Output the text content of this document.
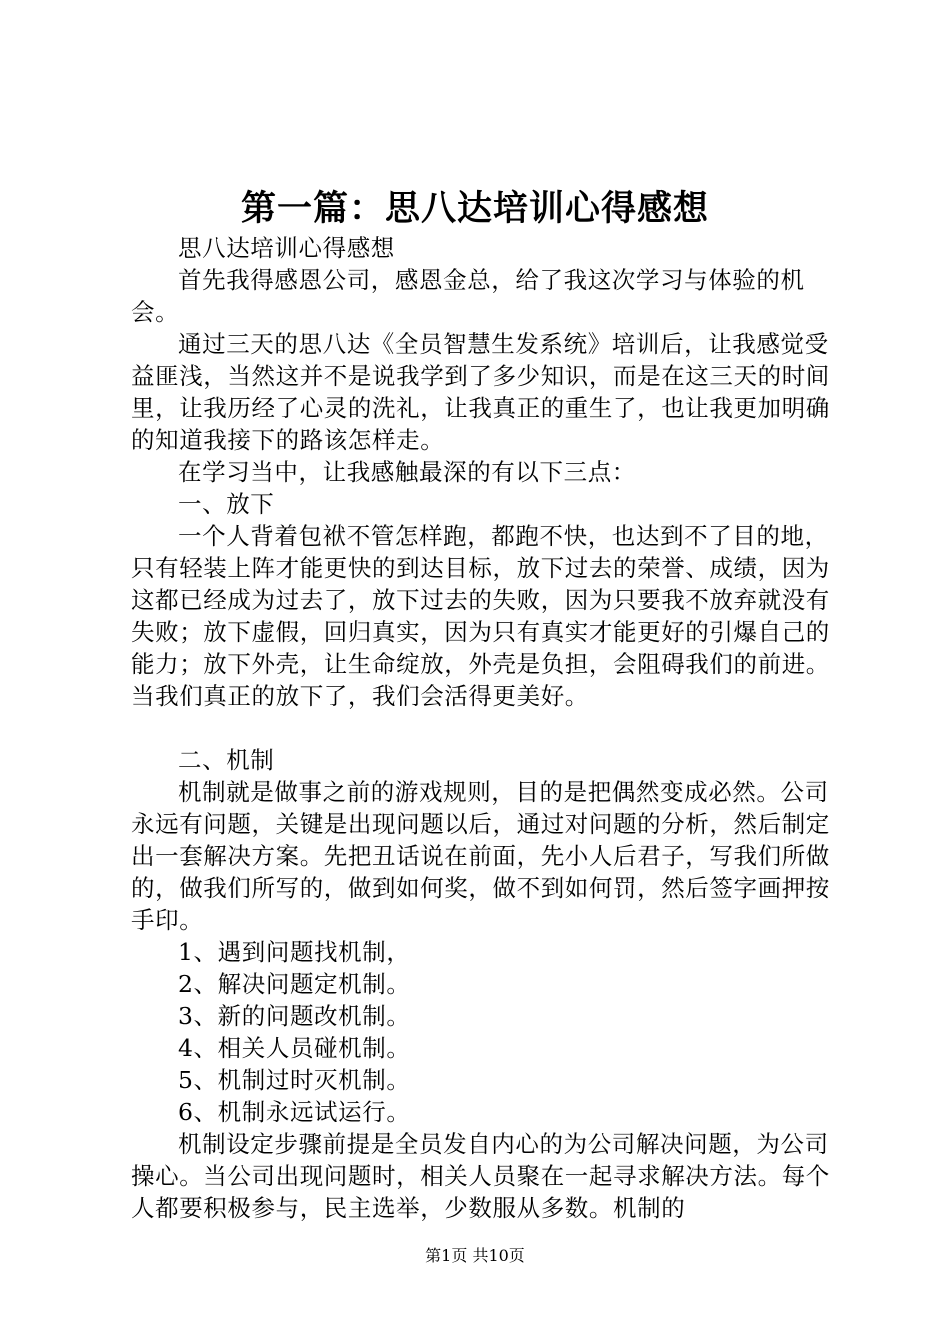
第一篇：思八达培训心得感想

思八达培训心得感想

首先我得感恩公司，感恩金总，给了我这次学习与体验的机会。

通过三天的思八达《全员智慧生发系统》培训后，让我感觉受益匪浅，当然这并不是说我学到了多少知识，而是在这三天的时间里，让我历经了心灵的洗礼，让我真正的重生了，也让我更加明确的知道我接下的路该怎样走。

在学习当中，让我感触最深的有以下三点：

一、放下

一个人背着包袱不管怎样跑，都跑不快，也达到不了目的地，只有轻装上阵才能更快的到达目标，放下过去的荣誉、成绩，因为这都已经成为过去了，放下过去的失败，因为只要我不放弃就没有失败；放下虚假，回归真实，因为只有真实才能更好的引爆自己的能力；放下外壳，让生命绽放，外壳是负担，会阻碍我们的前进。当我们真正的放下了，我们会活得更美好。

二、机制

机制就是做事之前的游戏规则，目的是把偶然变成必然。公司永远有问题，关键是出现问题以后，通过对问题的分析，然后制定出一套解决方案。先把丑话说在前面，先小人后君子，写我们所做的，做我们所写的，做到如何奖，做不到如何罚，然后签字画押按手印。

1、遇到问题找机制，

2、解决问题定机制。

3、新的问题改机制。

4、相关人员碰机制。

5、机制过时灭机制。

6、机制永远试运行。

机制设定步骤前提是全员发自内心的为公司解决问题，为公司操心。当公司出现问题时，相关人员聚在一起寻求解决方法。每个人都要积极参与，民主选举，少数服从多数。机制的

第1页 共10页
